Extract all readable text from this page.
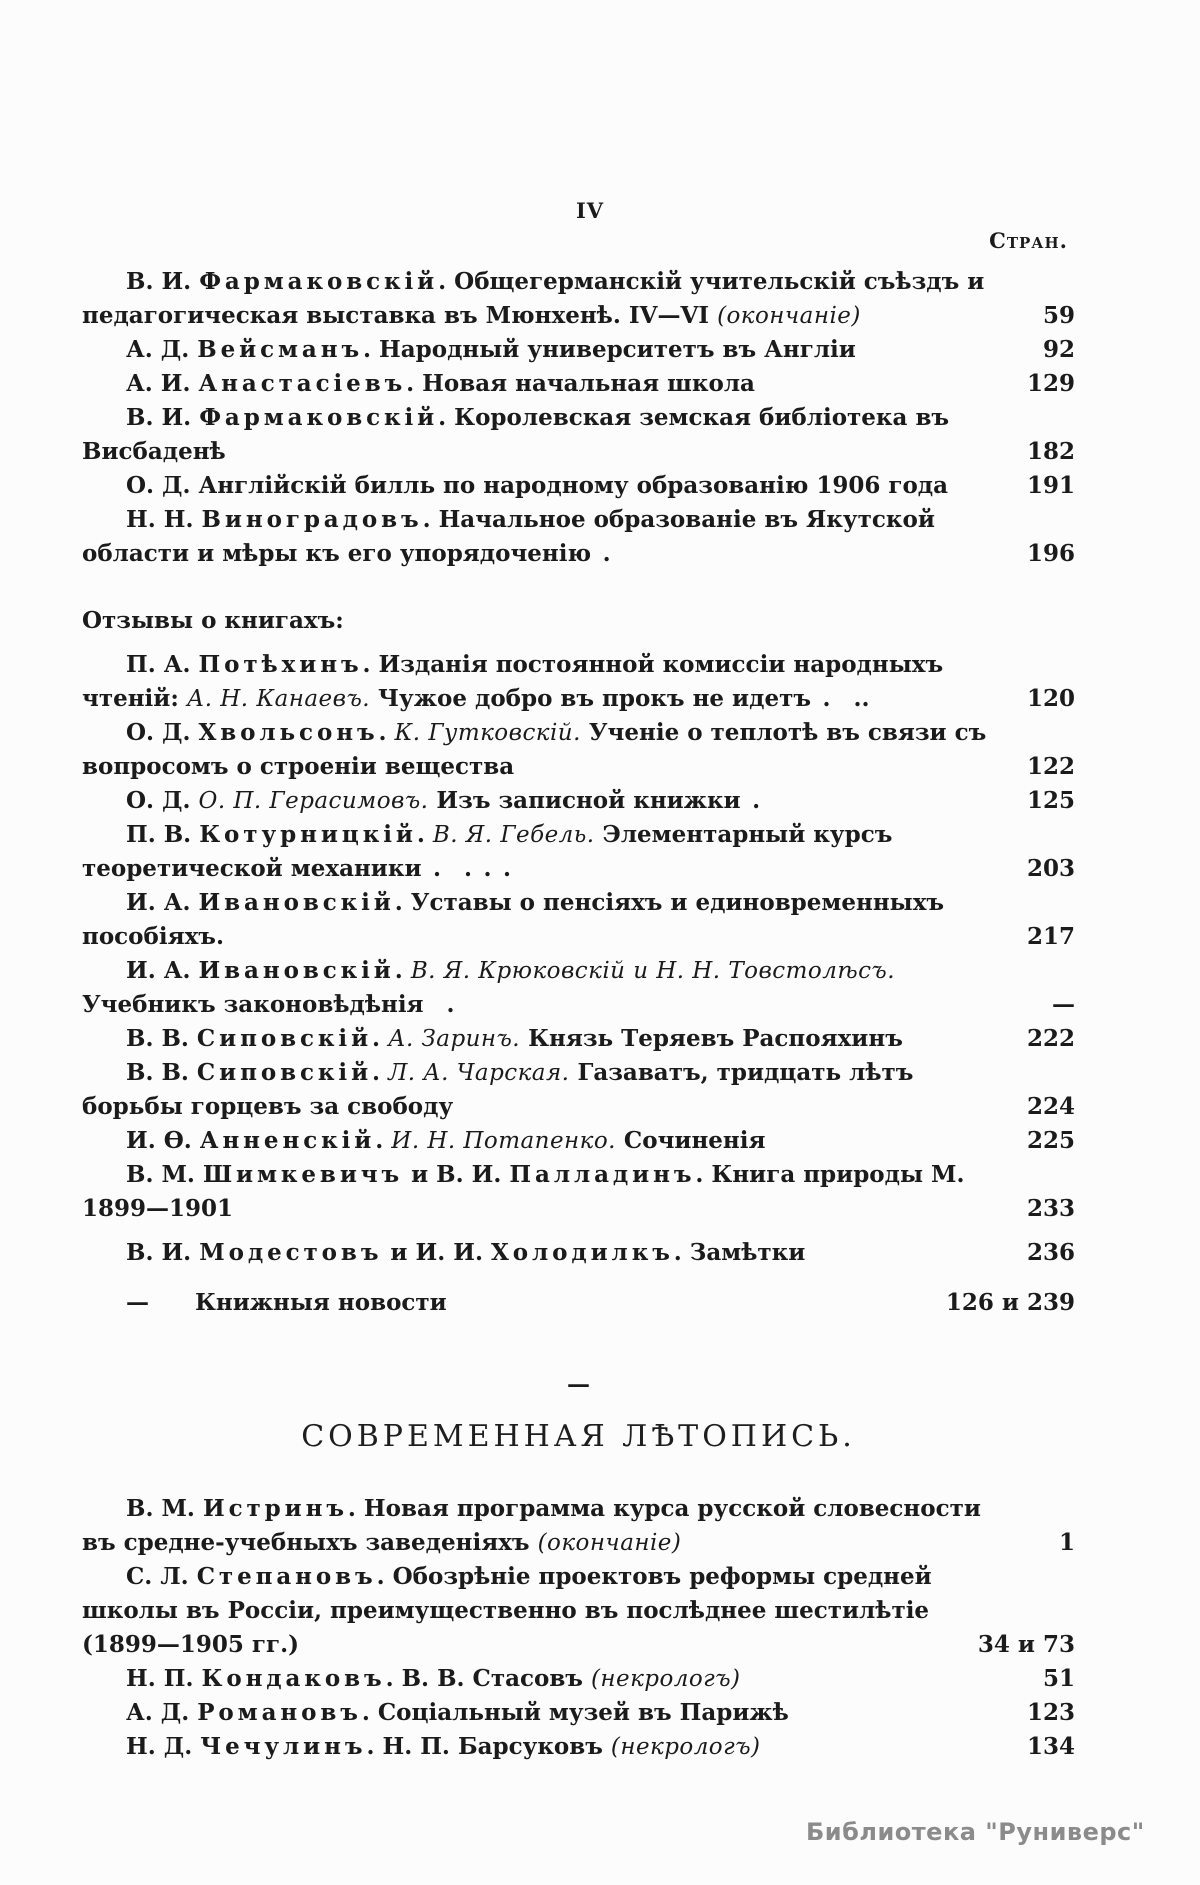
IV
Стран.
В. И. Фармаковскій. Общегерманскій учительскій съѣздъ и педагогическая выставка въ Мюнхенѣ. IV—VI (окончаніе)	59
А. Д. Вейсманъ. Народный университетъ въ Англіи	92
А. И. Анастасіевъ. Новая начальная школа	129
В. И. Фармаковскій. Королевская земская библіотека въ Висбаденѣ	182
О. Д. Англійскій билль по народному образованію 1906 года	191
Н. Н. Виноградовъ. Начальное образованіе въ Якутской области и мѣры къ его упорядоченію .	196
Отзывы о книгахъ:
П. А. Потѣхинъ. Изданія постоянной комиссіи народныхъ чтеній: А. Н. Канаевъ. Чужое добро въ прокъ не идетъ . ..	120
О. Д. Хвольсонъ. К. Гутковскій. Ученіе о теплотѣ въ связи съ вопросомъ о строеніи вещества	122
О. Д. О. П. Герасимовъ. Изъ записной книжки .	125
П. В. Котурницкій. В. Я. Гебель. Элементарный курсъ теоретической механики . . . .	203
И. А. Ивановскій. Уставы о пенсіяхъ и единовременныхъ пособіяхъ.	217
И. А. Ивановскій. В. Я. Крюковскій и Н. Н. Товстолѣсъ. Учебникъ законовѣдѣнія .	—
В. В. Сиповскій. А. Заринъ. Князь Теряевъ Распояхинъ	222
В. В. Сиповскій. Л. А. Чарская. Газаватъ, тридцать лѣтъ борьбы горцевъ за свободу	224
И. Ѳ. Анненскій. И. Н. Потапенко. Сочиненія	225
В. М. Шимкевичъ и В. И. Палладинъ. Книга природы М. 1899—1901	233
В. И. Модестовъ и И. И. Холодилкъ. Замѣтки	236
—  Книжныя новости	126 и 239
—
СОВРЕМЕННАЯ ЛѢТОПИСЬ.
В. М. Истринъ. Новая программа курса русской словесности въ средне-учебныхъ заведеніяхъ (окончаніе)	1
С. Л. Степановъ. Обозрѣніе проектовъ реформы средней школы въ Россіи, преимущественно въ послѣднее шестилѣтіе (1899—1905 гг.)	34 и 73
Н. П. Кондаковъ. В. В. Стасовъ (некрологъ)	51
А. Д. Романовъ. Соціальный музей въ Парижѣ	123
Н. Д. Чечулинъ. Н. П. Барсуковъ (некрологъ)	134
Библиотека "Руниверс"
